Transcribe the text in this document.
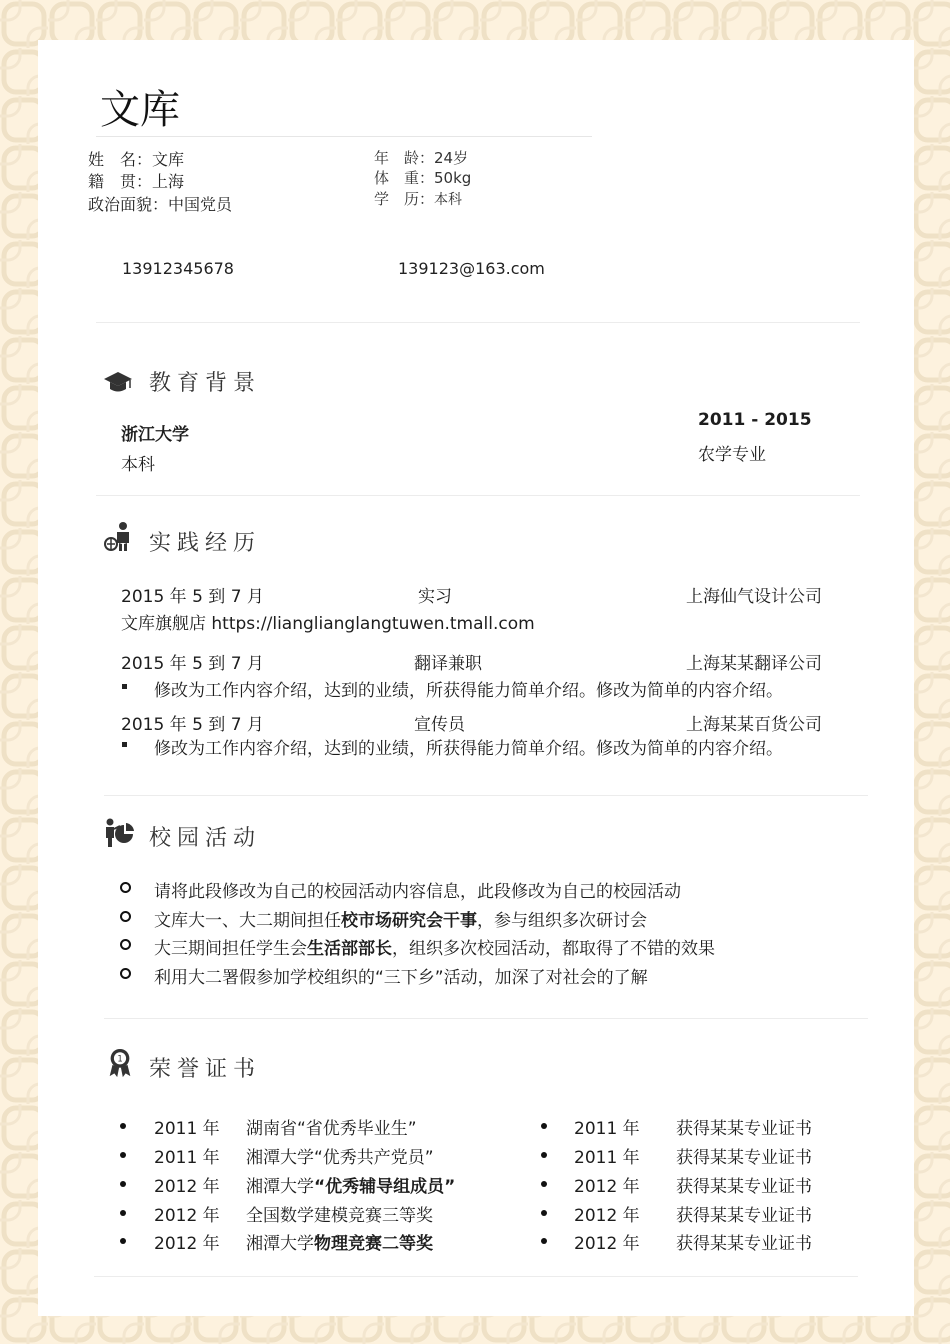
文库
姓　名：文库
籍　贯：上海
政治面貌：中国党员
年　龄：24岁
体　重：50kg
学　历：本科
13912345678	139123@163.com
教育背景
浙江大学
本科
2011 - 2015
农学专业
实践经历
2015 年 5 到 7 月	实习	上海仙气设计公司
文库旗舰店 https://lianglianglangtuwen.tmall.com
2015 年 5 到 7 月	翻译兼职	上海某某翻译公司
修改为工作内容介绍，达到的业绩，所获得能力简单介绍。修改为简单的内容介绍。
2015 年 5 到 7 月	宣传员	上海某某百货公司
修改为工作内容介绍，达到的业绩，所获得能力简单介绍。修改为简单的内容介绍。
校园活动
请将此段修改为自己的校园活动内容信息，此段修改为自己的校园活动
文库大一、大二期间担任校市场研究会干事，参与组织多次研讨会
大三期间担任学生会生活部部长，组织多次校园活动，都取得了不错的效果
利用大二署假参加学校组织的“三下乡”活动，加深了对社会的了解
1 荣誉证书
2011 年 湖南省“省优秀毕业生”
2011 年 湘潭大学“优秀共产党员”
2012 年 湘潭大学“优秀辅导组成员”
2012 年 全国数学建模竞赛三等奖
2012 年 湘潭大学物理竞赛二等奖
2011 年 获得某某专业证书
2011 年 获得某某专业证书
2012 年 获得某某专业证书
2012 年 获得某某专业证书
2012 年 获得某某专业证书
